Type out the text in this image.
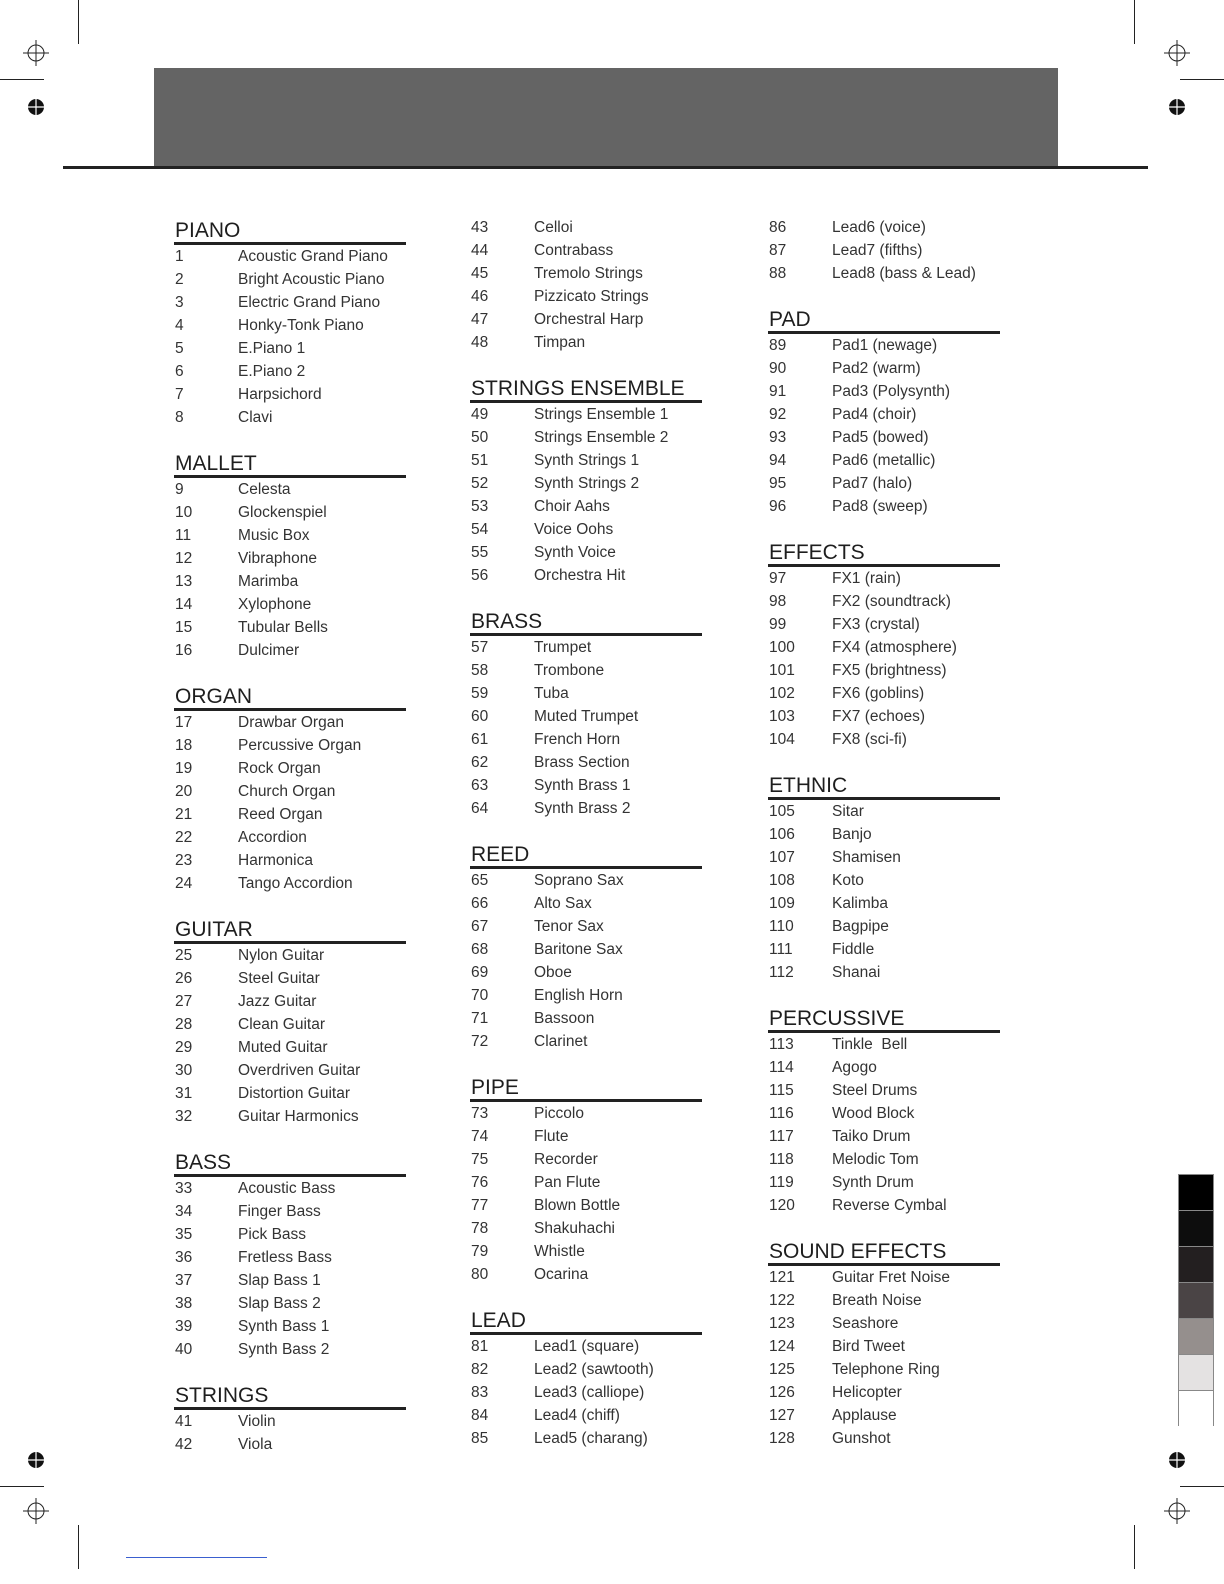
PIANO
1	Acoustic Grand Piano
2	Bright Acoustic Piano
3	Electric Grand Piano
4	Honky-Tonk Piano
5	E.Piano 1
6	E.Piano 2
7	Harpsichord
8	Clavi
MALLET
9	Celesta
10	Glockenspiel
11	Music Box
12	Vibraphone
13	Marimba
14	Xylophone
15	Tubular Bells
16	Dulcimer
ORGAN
17	Drawbar Organ
18	Percussive Organ
19	Rock Organ
20	Church Organ
21	Reed Organ
22	Accordion
23	Harmonica
24	Tango Accordion
GUITAR
25	Nylon Guitar
26	Steel Guitar
27	Jazz Guitar
28	Clean Guitar
29	Muted Guitar
30	Overdriven Guitar
31	Distortion Guitar
32	Guitar Harmonics
BASS
33	Acoustic Bass
34	Finger Bass
35	Pick Bass
36	Fretless Bass
37	Slap Bass 1
38	Slap Bass 2
39	Synth Bass 1
40	Synth Bass 2
STRINGS
41	Violin
42	Viola
43	Celloi
44	Contrabass
45	Tremolo Strings
46	Pizzicato Strings
47	Orchestral Harp
48	Timpan
STRINGS ENSEMBLE
49	Strings Ensemble 1
50	Strings Ensemble 2
51	Synth Strings 1
52	Synth Strings 2
53	Choir Aahs
54	Voice Oohs
55	Synth Voice
56	Orchestra Hit
BRASS
57	Trumpet
58	Trombone
59	Tuba
60	Muted Trumpet
61	French Horn
62	Brass Section
63	Synth Brass 1
64	Synth Brass 2
REED
65	Soprano Sax
66	Alto Sax
67	Tenor Sax
68	Baritone Sax
69	Oboe
70	English Horn
71	Bassoon
72	Clarinet
PIPE
73	Piccolo
74	Flute
75	Recorder
76	Pan Flute
77	Blown Bottle
78	Shakuhachi
79	Whistle
80	Ocarina
LEAD
81	Lead1 (square)
82	Lead2 (sawtooth)
83	Lead3 (calliope)
84	Lead4 (chiff)
85	Lead5 (charang)
86	Lead6 (voice)
87	Lead7 (fifths)
88	Lead8 (bass & Lead)
PAD
89	Pad1 (newage)
90	Pad2 (warm)
91	Pad3 (Polysynth)
92	Pad4 (choir)
93	Pad5 (bowed)
94	Pad6 (metallic)
95	Pad7 (halo)
96	Pad8 (sweep)
EFFECTS
97	FX1 (rain)
98	FX2 (soundtrack)
99	FX3 (crystal)
100 FX4 (atmosphere)
101 FX5 (brightness)
102 FX6 (goblins)
103 FX7 (echoes)
104 FX8 (sci-fi)
ETHNIC
105 Sitar
106 Banjo
107 Shamisen
108 Koto
109 Kalimba
110 Bagpipe
111	Fiddle
112 Shanai
PERCUSSIVE
113 Tinkle  Bell
114 Agogo
115 Steel Drums
116 Wood Block
117 Taiko Drum
118 Melodic Tom
119 Synth Drum
120 Reverse Cymbal
SOUND EFFECTS
121 Guitar Fret Noise
122 Breath Noise
123 Seashore
124 Bird Tweet
125 Telephone Ring
126 Helicopter
127 Applause
128 Gunshot
